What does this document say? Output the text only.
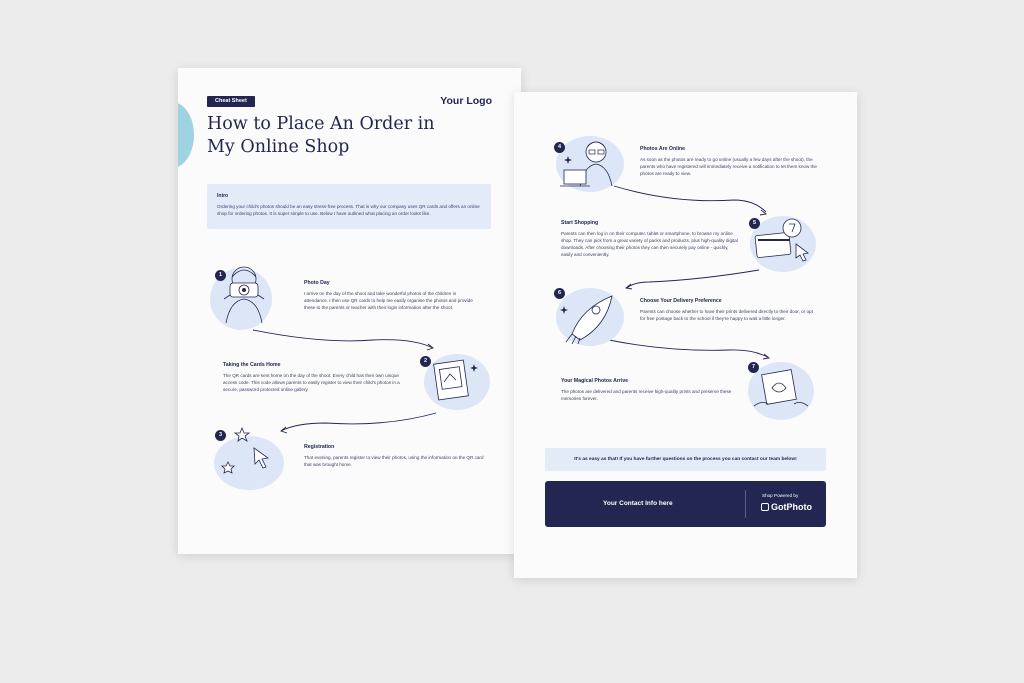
Cheat Sheet	Your Logo
How to Place An Order in My Online Shop
Intro
Ordering your child's photos should be an easy stress-free process. That is why our company uses QR cards and offers an online shop for ordering photos. It is super simple to use. Below I have outlined what placing an order looks like.
1
Photo Day
I arrive on the day of the shoot and take wonderful photos of the children in attendance. I then use QR cards to help me easily organise the photos and provide these to the parents or teacher with their login information after the shoot.
2
Taking the Cards Home
The QR cards are sent home on the day of the shoot. Every child has their own unique access code. This code allows parents to easily register to view their child's photos in a secure, password protected online gallery.
3
Registration
That evening, parents register to view their photos, using the information on the QR card that was brought home.
4	Photos Are Online
As soon as the photos are ready to go online (usually a few days after the shoot), the parents who have registered will immediately receive a notification to let them know the photos are ready to view.
Start Shopping
Parents can then log in on their computer, tablet or smartphone, to browse my online shop. They can pick from a great variety of packs and products, plus high-quality digital downloads. After choosing their photos they can then securely pay online - quickly, easily and conveniently.
5
6
Choose Your Delivery Preference
Parents can choose whether to have their prints delivered directly to their door, or opt for free postage back to the school if they're happy to wait a little longer.
Your Magical Photos Arrive
The photos are delivered and parents receive high-quality prints and preserve these memories forever.
7
It's as easy as that! If you have further questions on the process you can contact our team below!
Your Contact Info here
Shop Powered by
GotPhoto
